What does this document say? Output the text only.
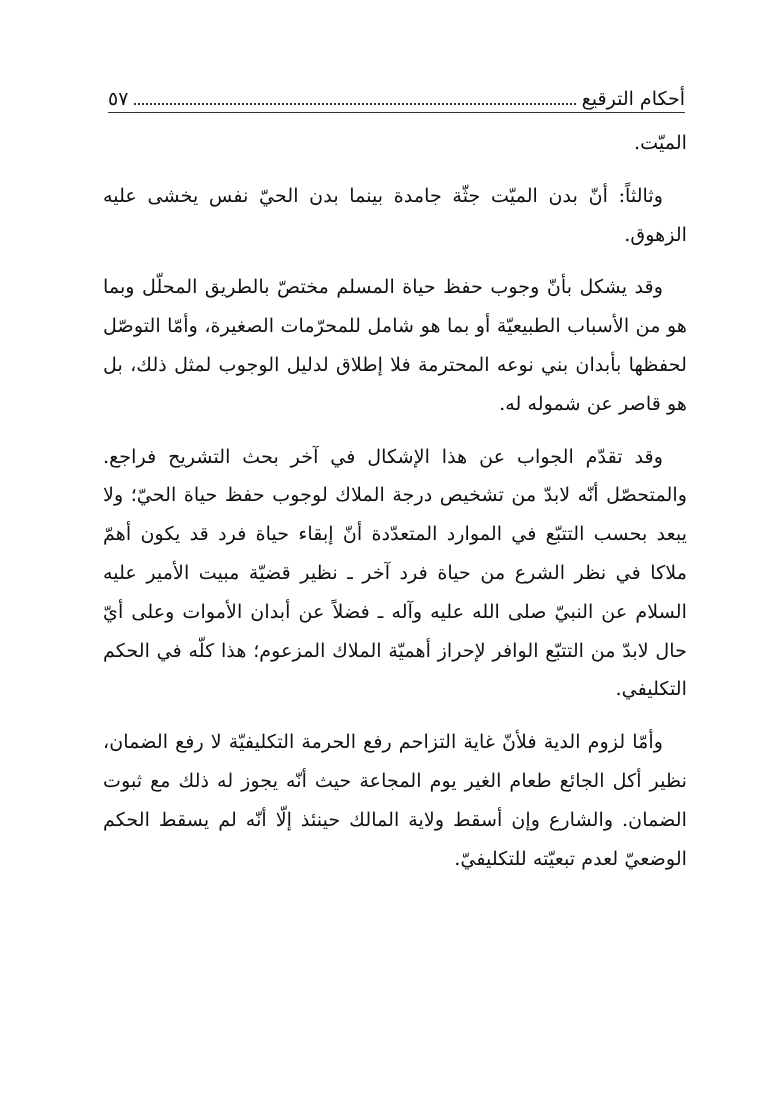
أحكام الترقيع
٥٧

الميّت.

وثالثاً: أنّ بدن الميّت جثّة جامدة بينما بدن الحيّ نفس يخشى عليه الزهوق.

وقد يشكل بأنّ وجوب حفظ حياة المسلم مختصّ بالطريق المحلّل وبما هو من الأسباب الطبيعيّة أو بما هو شامل للمحرّمات الصغيرة، وأمّا التوصّل لحفظها بأبدان بني نوعه المحترمة فلا إطلاق لدليل الوجوب لمثل ذلك، بل هو قاصر عن شموله له.

وقد تقدّم الجواب عن هذا الإشكال في آخر بحث التشريح فراجع. والمتحصّل أنّه لابدّ من تشخيص درجة الملاك لوجوب حفظ حياة الحيّ؛ ولا يبعد بحسب التتبّع في الموارد المتعدّدة أنّ إبقاء حياة فرد قد يكون أهمّ ملاكا في نظر الشرع من حياة فرد آخر ـ نظير قضيّة مبيت الأمير عليه السلام عن النبيّ صلى الله عليه وآله ـ فضلاً عن أبدان الأموات وعلى أيّ حال لابدّ من التتبّع الوافر لإحراز أهميّة الملاك المزعوم؛ هذا كلّه في الحكم التكليفي.

وأمّا لزوم الدية فلأنّ غاية التزاحم رفع الحرمة التكليفيّة لا رفع الضمان، نظير أكل الجائع طعام الغير يوم المجاعة حيث أنّه يجوز له ذلك مع ثبوت الضمان. والشارع وإن أسقط ولاية المالك حينئذ إلّا أنّه لم يسقط الحكم الوضعيّ لعدم تبعيّته للتكليفيّ.
